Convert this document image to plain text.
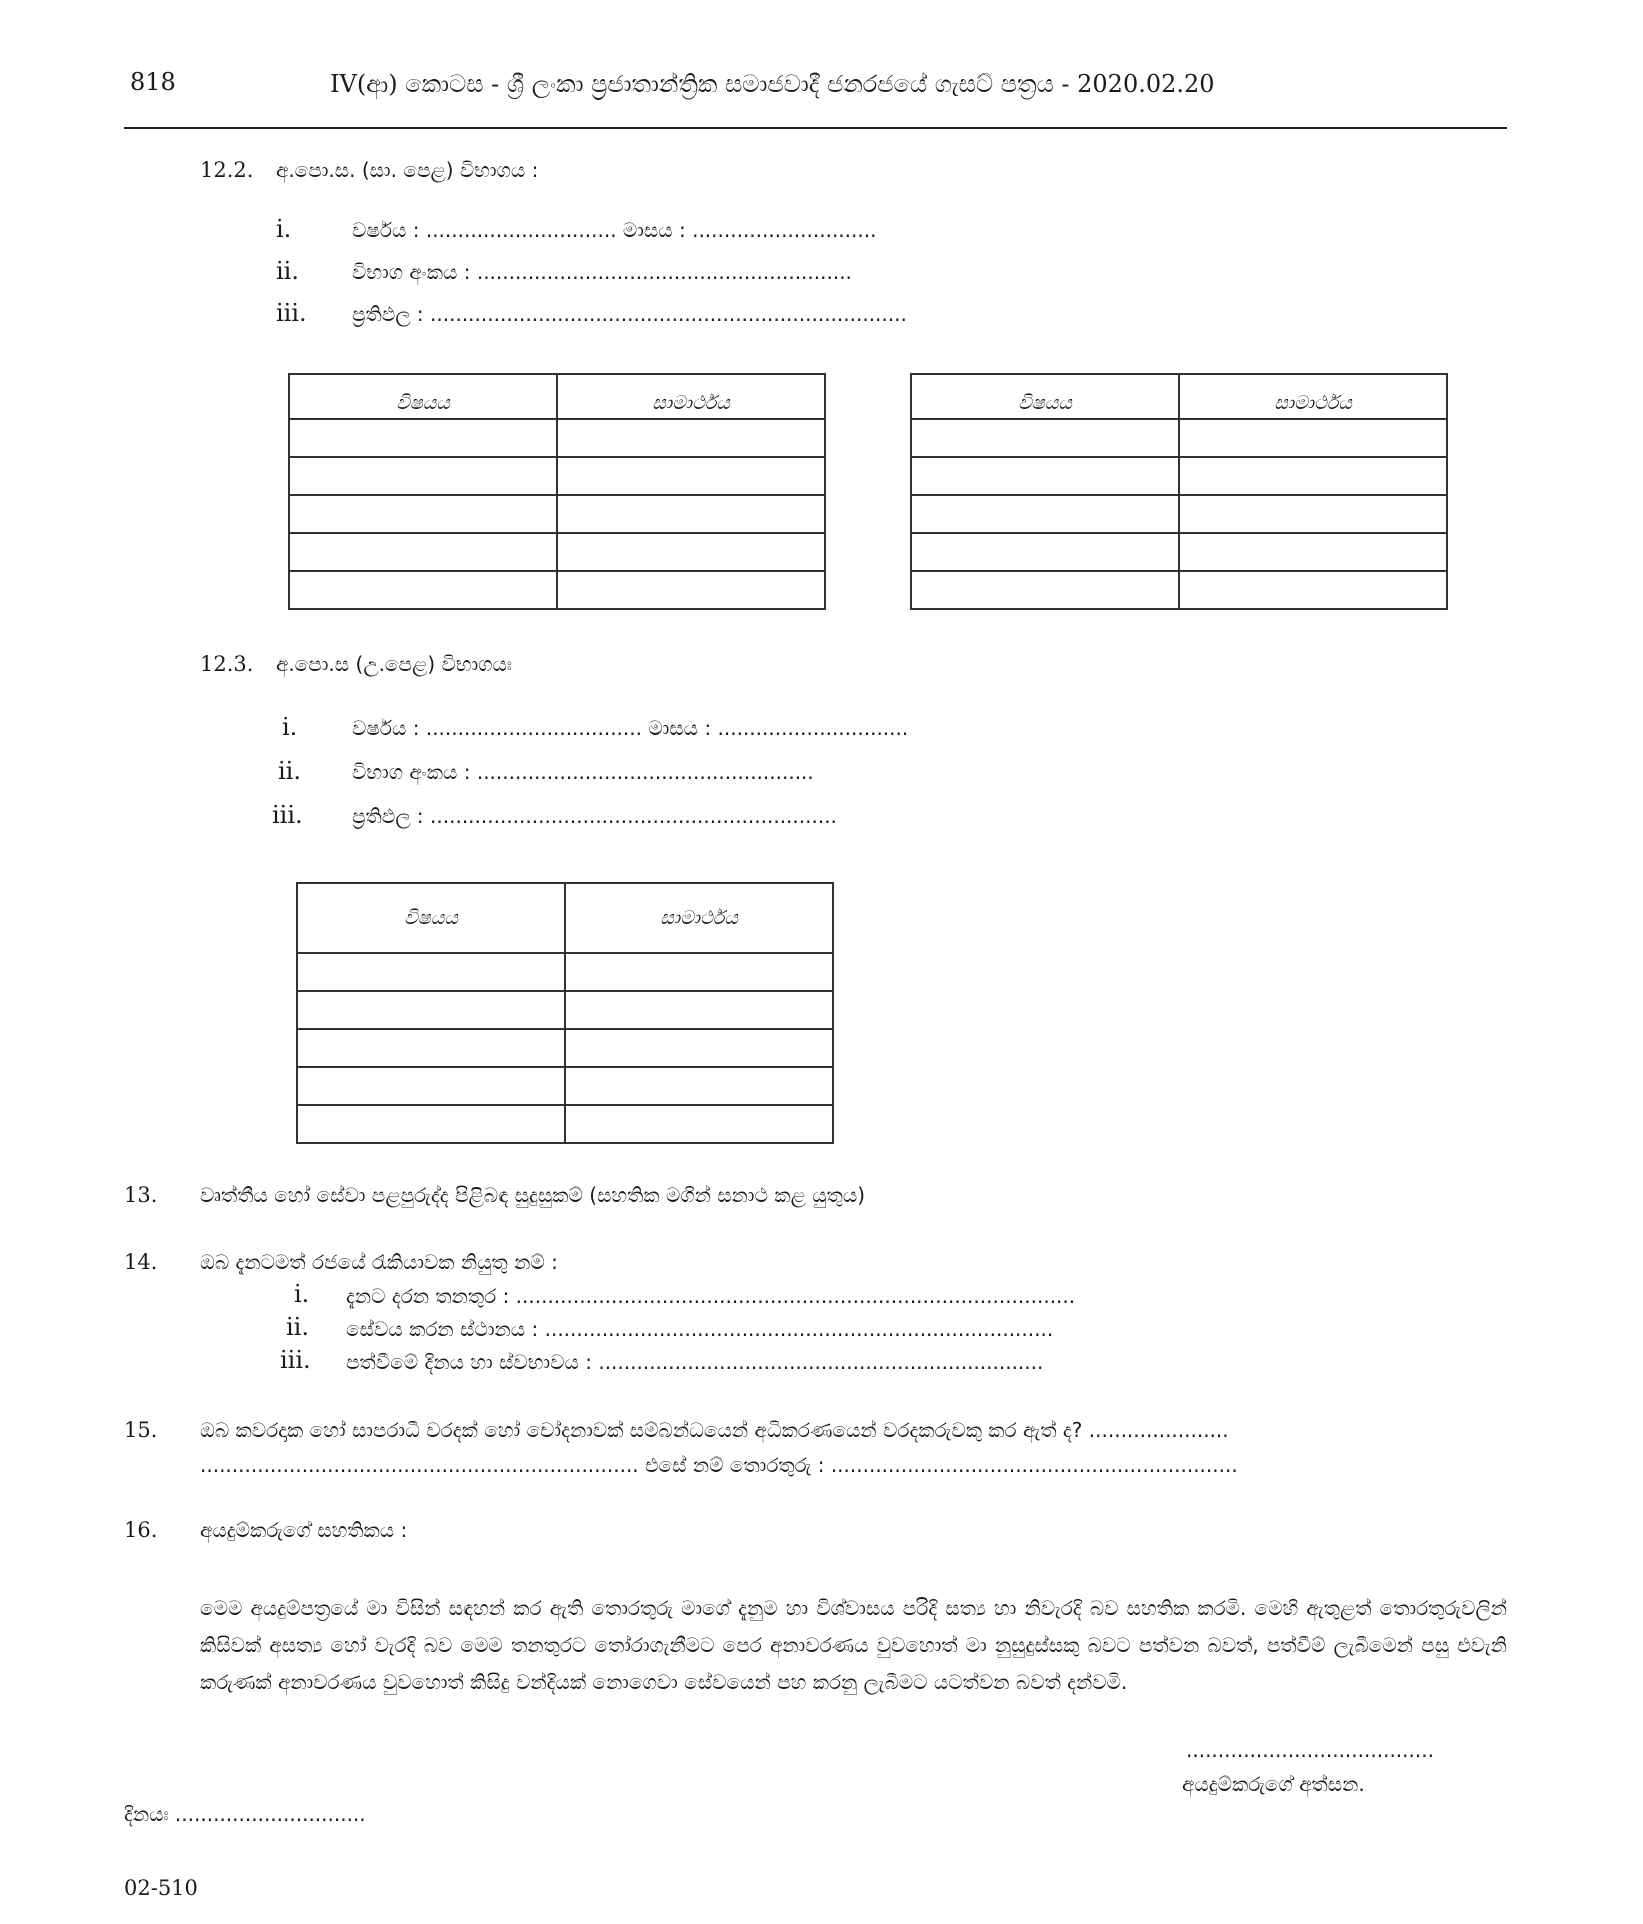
818	IV(ආ) කොටස - ශ්‍රී ලංකා ප්‍රජාතාන්ත්‍රික සමාජවාදී ජනරජයේ ගැසට් පත්‍රය - 2020.02.20
12.2. අ.පො.ස. (සා. පෙළ) විභාගය :
i.	වර්ෂය : .............................. මාසය : .............................
ii.	විභාග අංකය : ...........................................................
iii. ප්‍රතිඵල : ...........................................................................
විෂයය	සාමාර්ථය

		විෂයය	සාමාර්ථය

12.3. අ.පො.ස (උ.පෙළ) විභාගයඃ
i.	වර්ෂය : .................................. මාසය : ..............................
ii.	විභාග අංකය : .....................................................
iii. ප්‍රතිඵල : ................................................................
විෂයය	සාමාර්ථය

13. වෘත්තීය හෝ සේවා පළපුරුද්ද පිළිබඳ සුදුසුකම් (සහතික මගින් සනාථ කළ යුතුය)
14. ඔබ දැනටමත් රජයේ රැකියාවක නියුතු නම් :
i. දැනට දරන තනතුර : ........................................................................................
ii. සේවය කරන ස්ථානය : ................................................................................
iii. පත්වීමේ දිනය හා ස්වභාවය : ......................................................................
15. ඔබ කවරදාක හෝ සාපරාධී වරදක් හෝ චෝදනාවක් සම්බන්ධයෙන් අධිකරණයෙන් වරදකරුවකු කර ඇත් ද? ......................
..................................................................... එසේ නම් තොරතුරු : ................................................................
16. අයදුම්කරුගේ සහතිකය :
මෙම අයදුම්පත්‍රයේ මා විසින් සඳහන් කර ඇති තොරතුරු මාගේ දැනුම හා විශ්වාසය පරිදි සත්‍ය හා නිවැරදි බව සහතික කරමි. මෙහි ඇතුළත් තොරතුරුවලින් කිසිවක් අසත්‍ය හෝ වැරදි බව මෙම තනතුරට තෝරාගැනීමට පෙර අනාවරණය වුවහොත් මා නුසුදුස්සකු බවට පත්වන බවත්, පත්වීම් ලැබීමෙන් පසු එවැනි කරුණක් අනාවරණය වුවහොත් කිසිදු වන්දියක් නොගෙවා සේවයෙන් පහ කරනු ලැබීමට යටත්වන බවත් දන්වමි.
.......................................
අයදුම්කරුගේ අත්සන.
දිනයඃ ..............................
02-510
